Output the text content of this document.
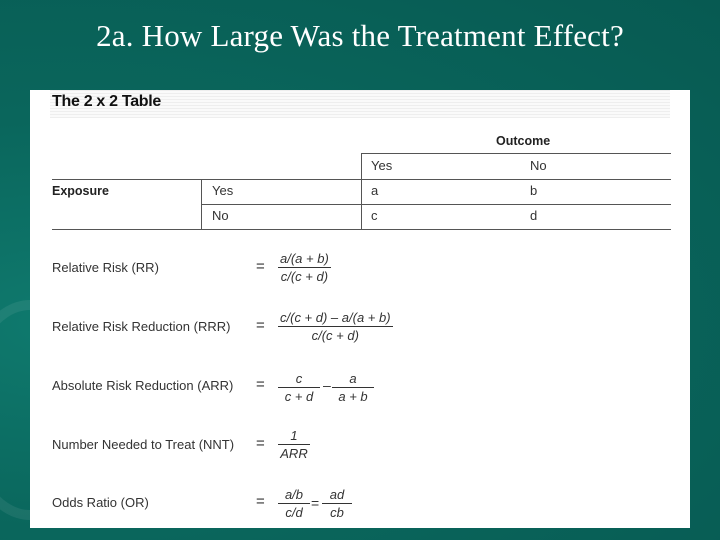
2a. How Large Was the Treatment Effect?
The 2 x 2 Table
Outcome
Yes	No
Exposure	Yes	a	b
No	c	d
Relative Risk (RR)	= $\frac{a/(a + b)}{c/(c + d)}$
Relative Risk Reduction $(RRR) = \frac{c/(c + d) - a/(a + b)}{c/(c + d)}$
Absolute Risk Reduction $(ARR) = \frac{c}{c + d} - \frac{a}{a + b}$
Number Needed to Treat (NNT) =	1
ARR
Odds Ratio (OR)	= $\frac{a/b}{c/d} = \frac{ad}{cb}$
